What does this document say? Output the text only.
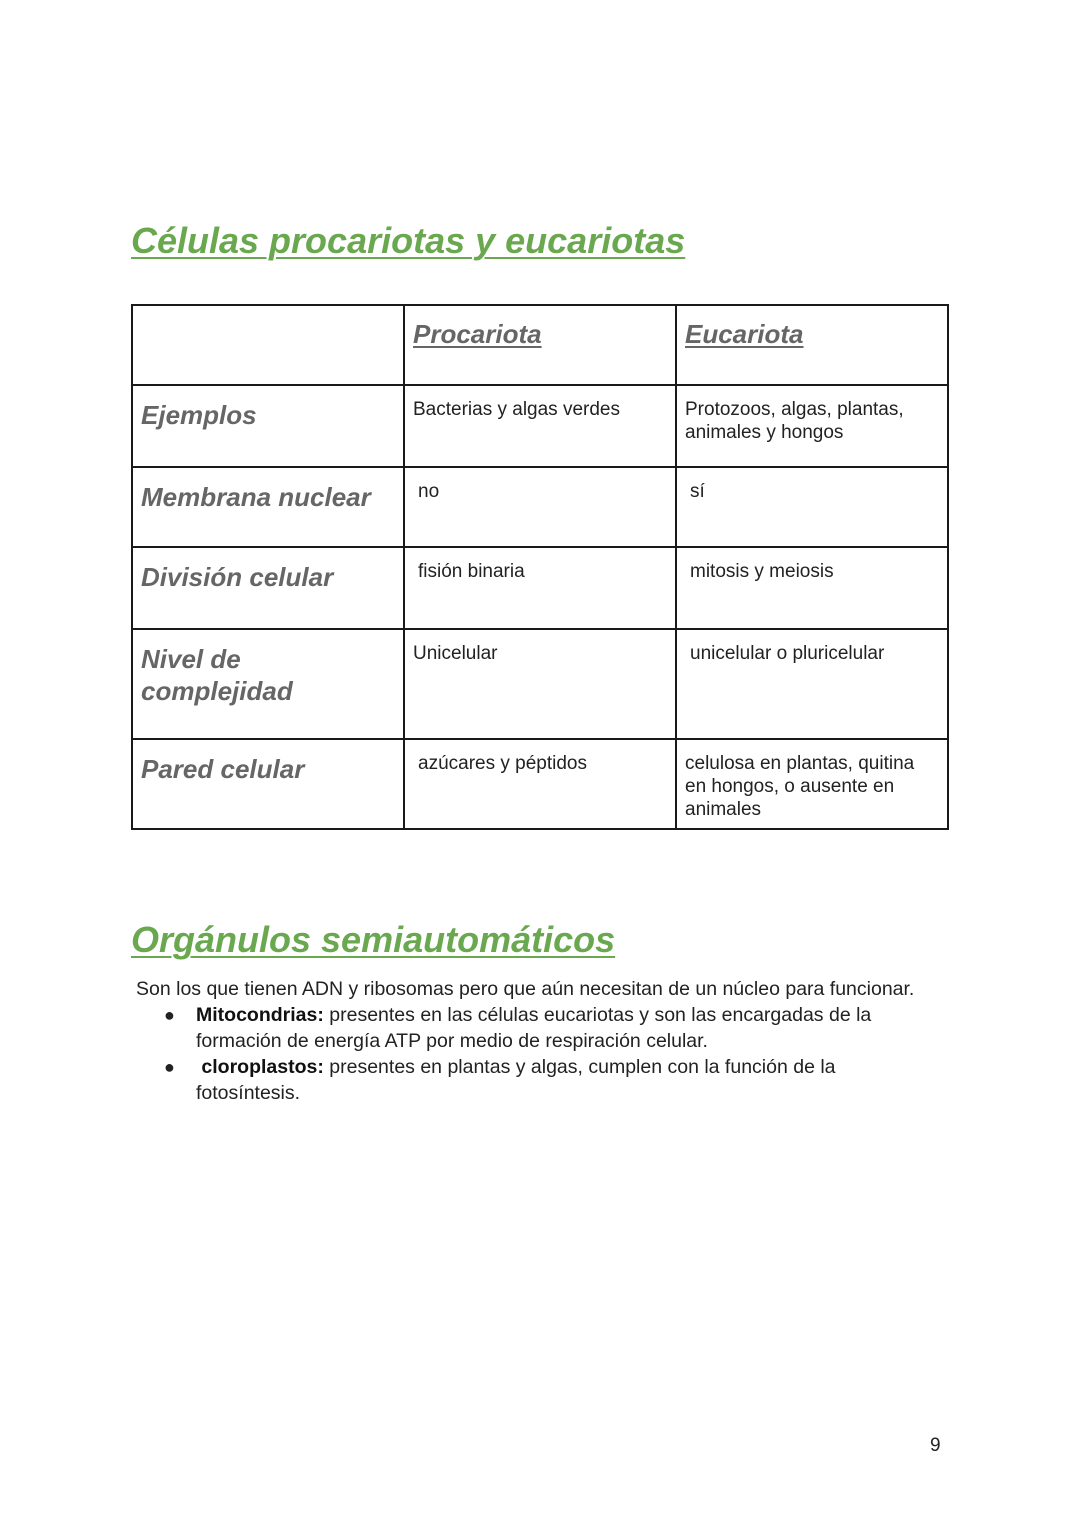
Células procariotas y eucariotas

	Procariota	Eucariota

Ejemplos	Bacterias y algas verdes	Protozoos, algas, plantas, animales y hongos

Membrana nuclear	no	sí

División celular	fisión binaria	mitosis y meiosis

Nivel de complejidad	Unicelular	unicelular o pluricelular

Pared celular	azúcares y péptidos	celulosa en plantas, quitina en hongos, o ausente en animales
Orgánulos semiautomáticos

Son los que tienen ADN y ribosomas pero que aún necesitan de un núcleo para funcionar.

● Mitocondrias: presentes en las células eucariotas y son las encargadas de la formación de energía ATP por medio de respiración celular.
● cloroplastos: presentes en plantas y algas, cumplen con la función de la fotosíntesis.
9
